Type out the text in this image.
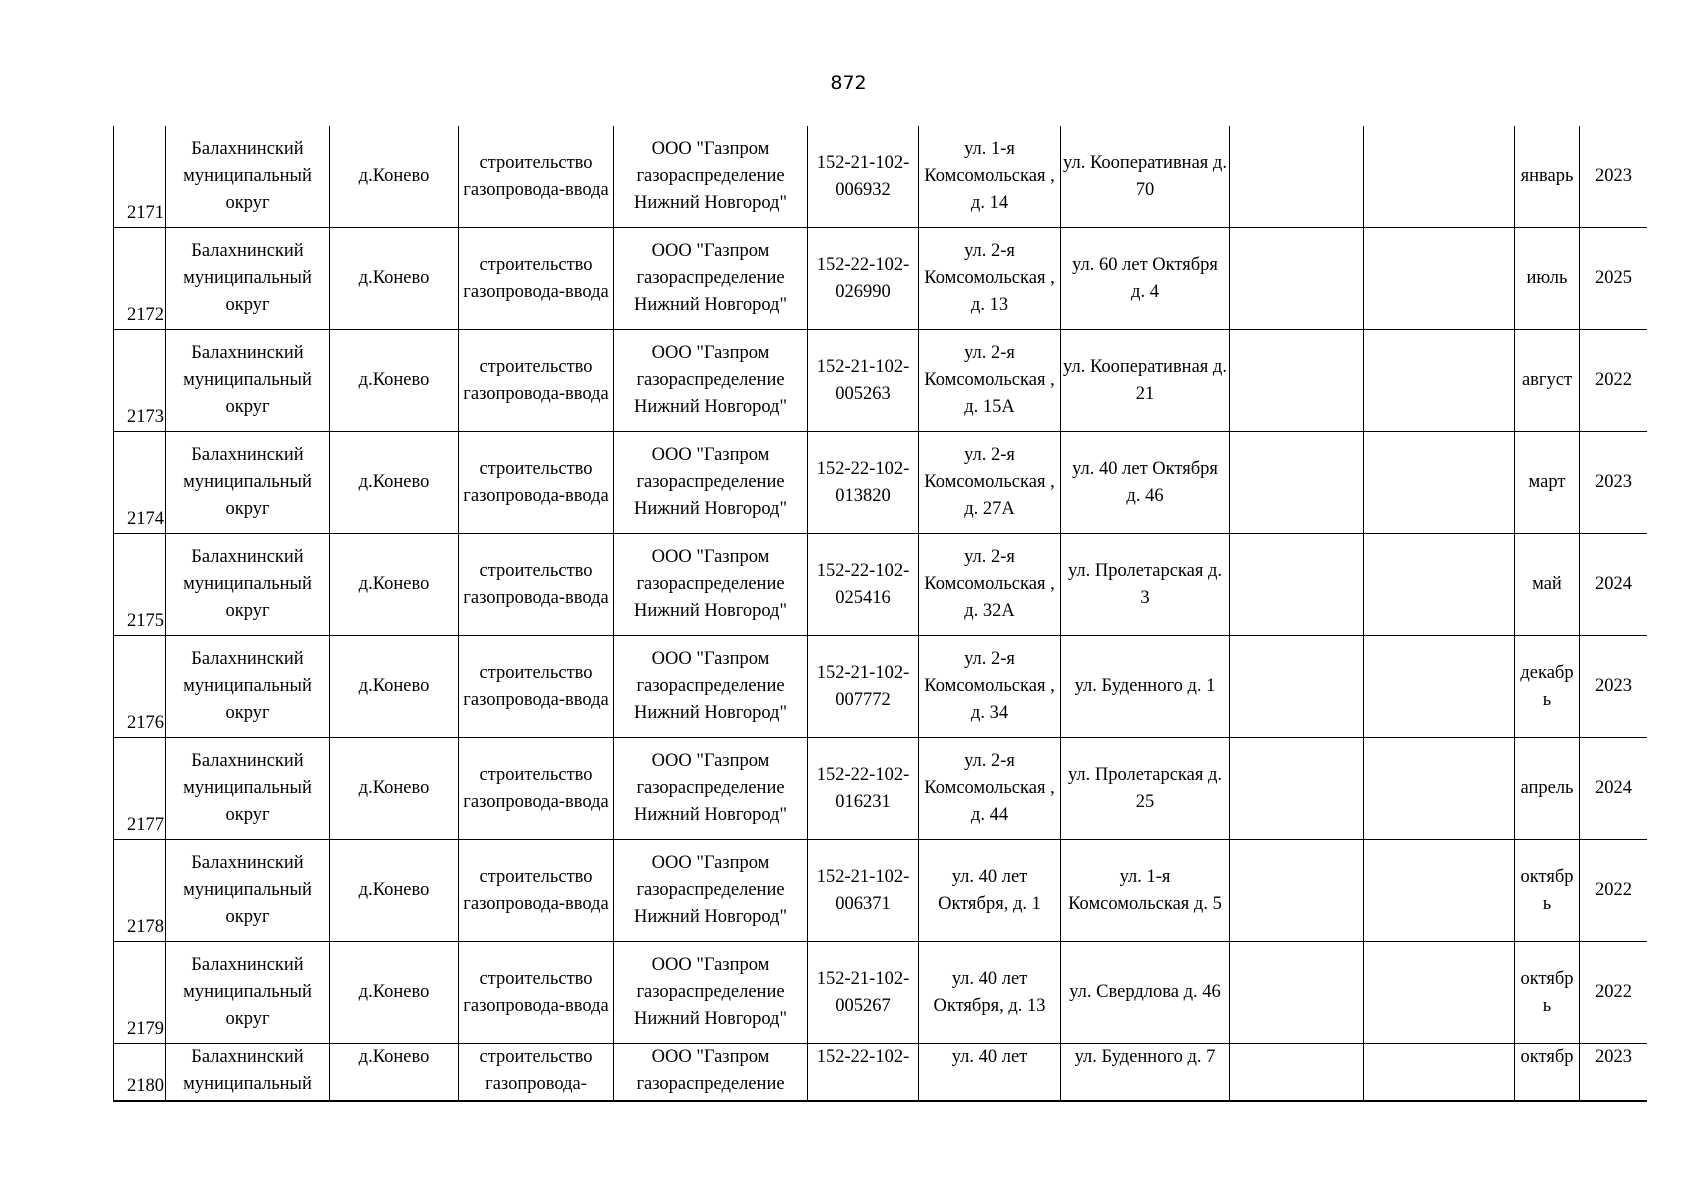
872
2171	Балахнинский муниципальный округ	д.Конево	строительство газопровода-ввода	ООО "Газпром газораспределение Нижний Новгород"	152-21-102-006932	ул. 1-я Комсомольская , д. 14	ул. Кооперативная д. 70			январь	2023
2172	Балахнинский муниципальный округ	д.Конево	строительство газопровода-ввода	ООО "Газпром газораспределение Нижний Новгород"	152-22-102-026990	ул. 2-я Комсомольская , д. 13	ул. 60 лет Октября д. 4			июль	2025
2173	Балахнинский муниципальный округ	д.Конево	строительство газопровода-ввода	ООО "Газпром газораспределение Нижний Новгород"	152-21-102-005263	ул. 2-я Комсомольская , д. 15А	ул. Кооперативная д. 21			август	2022
2174	Балахнинский муниципальный округ	д.Конево	строительство газопровода-ввода	ООО "Газпром газораспределение Нижний Новгород"	152-22-102-013820	ул. 2-я Комсомольская , д. 27А	ул. 40 лет Октября д. 46			март	2023
2175	Балахнинский муниципальный округ	д.Конево	строительство газопровода-ввода	ООО "Газпром газораспределение Нижний Новгород"	152-22-102-025416	ул. 2-я Комсомольская , д. 32А	ул. Пролетарская д. 3			май	2024
2176	Балахнинский муниципальный округ	д.Конево	строительство газопровода-ввода	ООО "Газпром газораспределение Нижний Новгород"	152-21-102-007772	ул. 2-я Комсомольская , д. 34	ул. Буденного д. 1			декабрь	2023
2177	Балахнинский муниципальный округ	д.Конево	строительство газопровода-ввода	ООО "Газпром газораспределение Нижний Новгород"	152-22-102-016231	ул. 2-я Комсомольская , д. 44	ул. Пролетарская д. 25			апрель	2024
2178	Балахнинский муниципальный округ	д.Конево	строительство газопровода-ввода	ООО "Газпром газораспределение Нижний Новгород"	152-21-102-006371	ул. 40 лет Октября, д. 1	ул. 1-я Комсомольская д. 5			октябрь	2022
2179	Балахнинский муниципальный округ	д.Конево	строительство газопровода-ввода	ООО "Газпром газораспределение Нижний Новгород"	152-21-102-005267	ул. 40 лет Октября, д. 13	ул. Свердлова д. 46			октябрь	2022
2180	Балахнинский муниципальный	д.Конево	строительство газопровода-	ООО "Газпром газораспределение	152-22-102-	ул. 40 лет	ул. Буденного д. 7			октябр	2023
